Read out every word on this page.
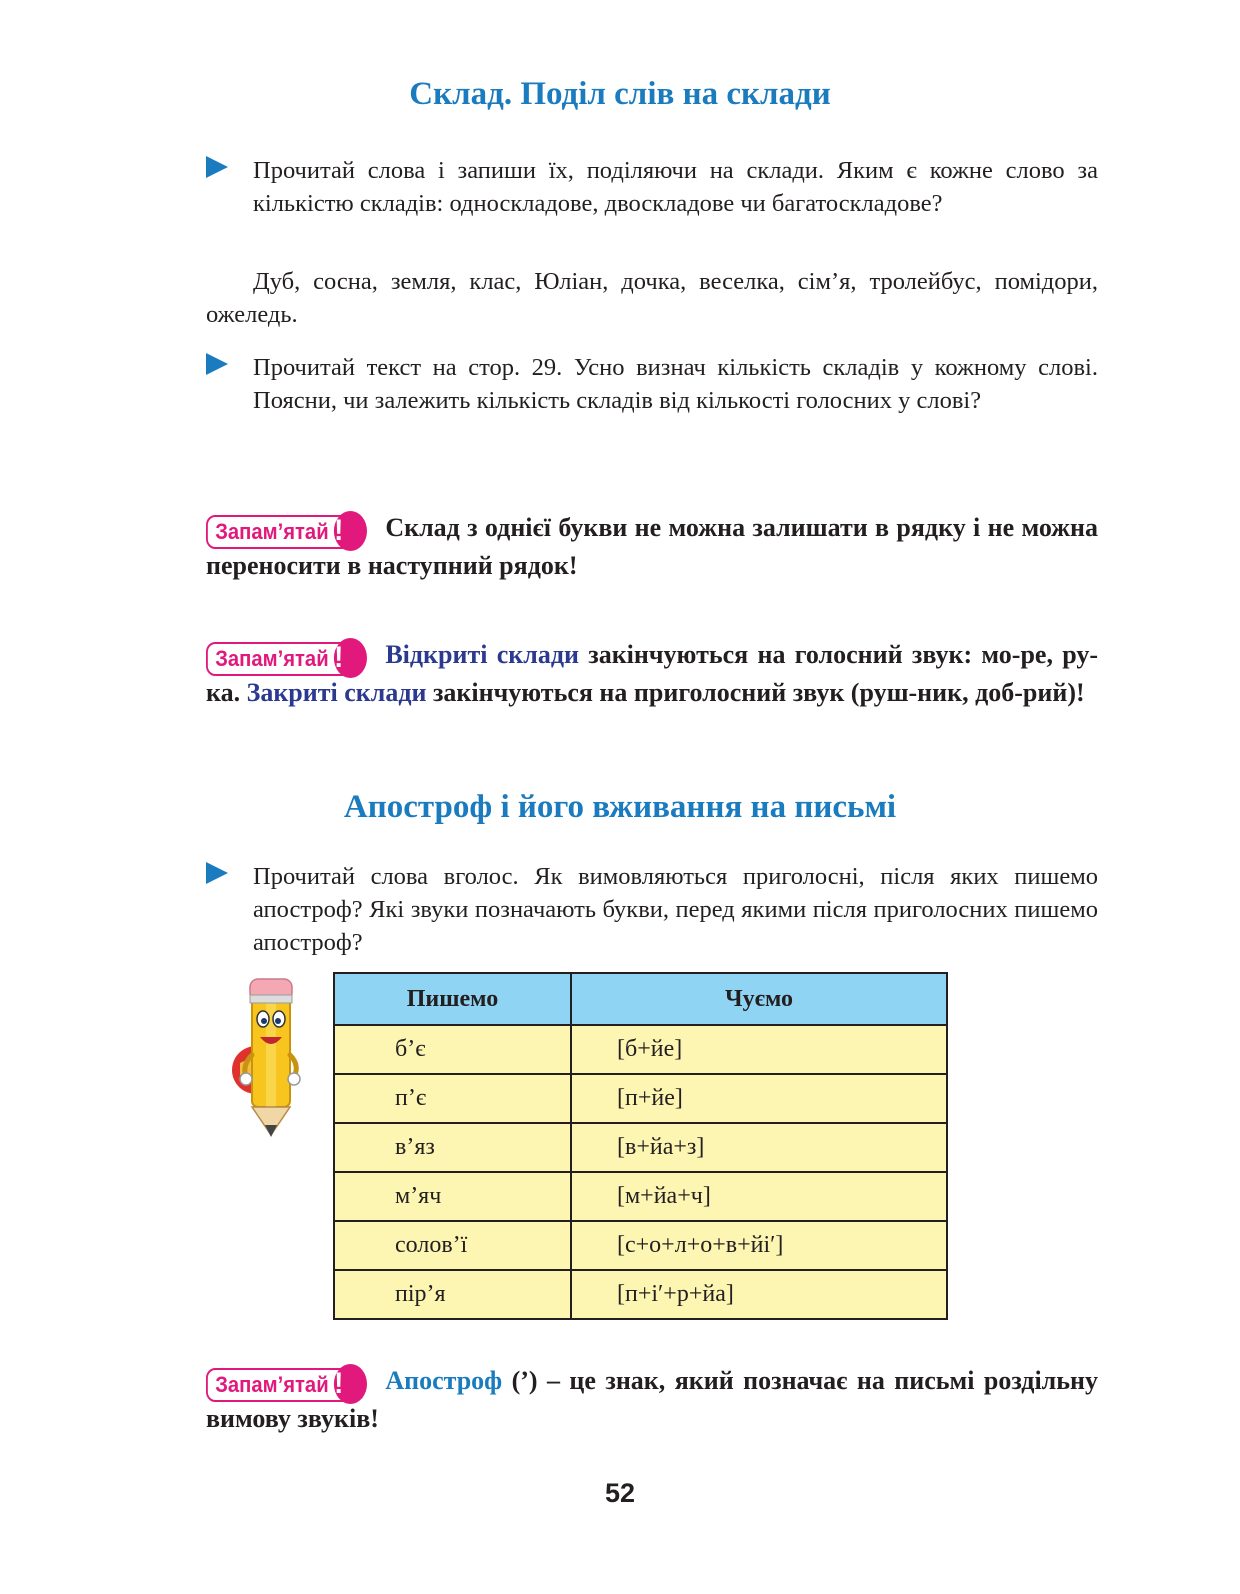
Склад. Поділ слів на склади
Прочитай слова і запиши їх, поділяючи на склади. Яким є кожне слово за кількістю складів: односкладове, двоскладове чи багатоскладове?
Дуб, сосна, земля, клас, Юліан, дочка, веселка, сім’я, тролейбус, помідори, ожеледь.
Прочитай текст на стор. 29. Усно визнач кількість складів у кожному слові. Поясни, чи залежить кількість складів від кількості голосних у слові?
Запам’ятай !	Склад з однієї букви не можна залишати в рядку і не можна переносити в наступний рядок!
Запам’ятай !	Відкриті склади закінчуються на голосний звук: мо-ре, ру-ка. Закриті склади закінчуються на приголосний звук (руш-ник, доб-рий)!
Апостроф і його вживання на письмі
Прочитай слова вголос. Як вимовляються приголосні, після яких пишемо апостроф? Які звуки позначають букви, перед якими після приголосних пишемо апостроф?
Пишемо	Чуємо
б’є	[б+йе]
п’є	[п+йе]
в’яз	[в+йа+з]
м’яч	[м+йа+ч]
солов’ї	[с+о+л+о+в+йі′]
пір’я	[п+і′+р+йа]
Запам’ятай !	Апостроф (’) – це знак, який позначає на письмі роздільну вимову звуків!
52
